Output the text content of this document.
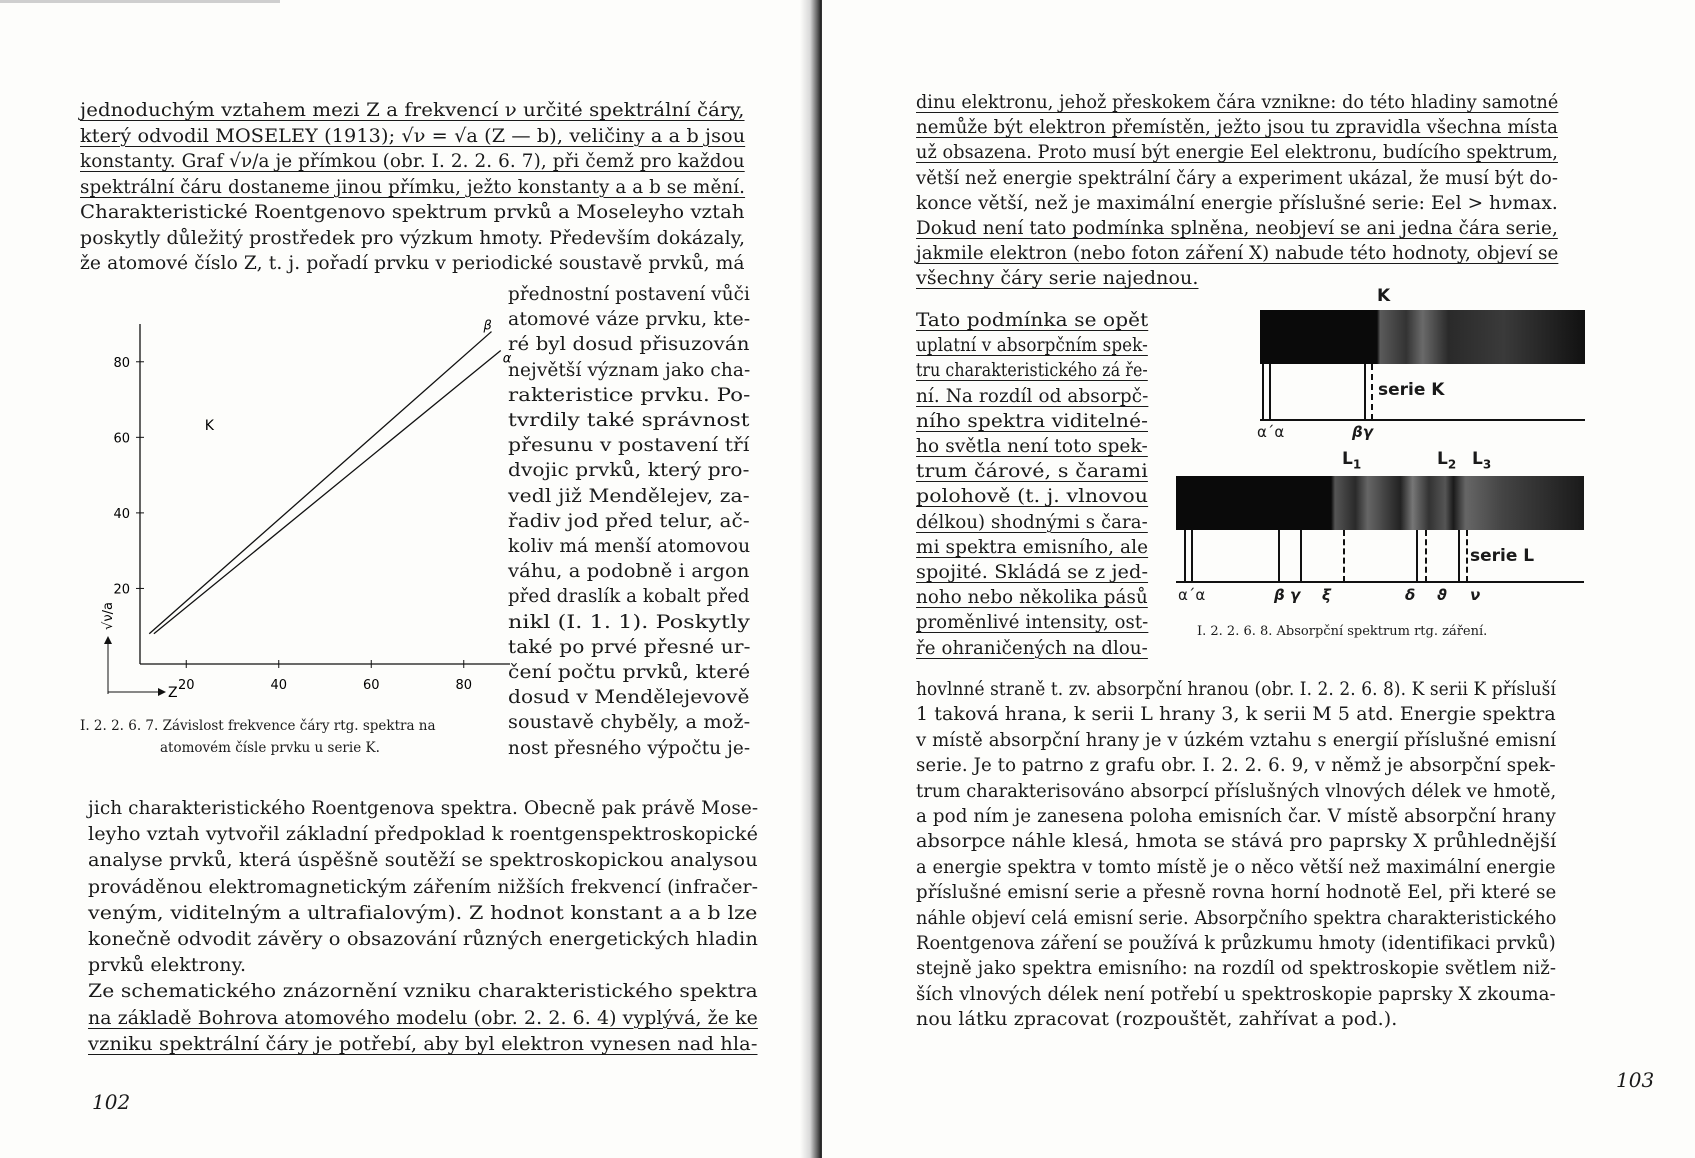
jednoduchým vztahem mezi Z a frekvencí ν určité spektrální čáry,
který odvodil MOSELEY (1913); √ν = √a (Z — b), veličiny a a b jsou
konstanty. Graf √ν/a je přímkou (obr. I. 2. 2. 6. 7), při čemž pro každou
spektrální čáru dostaneme jinou přímku, ježto konstanty a a b se mění.
Charakteristické Roentgenovo spektrum prvků a Moseleyho vztah
poskytly důležitý prostředek pro výzkum hmoty. Především dokázaly,
že atomové číslo Z, t. j. pořadí prvku v periodické soustavě prvků, má
přednostní postavení vůči
atomové váze prvku, kte-
ré byl dosud přisuzován
největší význam jako cha-
rakteristice prvku. Po-
tvrdily také správnost
přesunu v postavení tří
dvojic prvků, který pro-
vedl již Mendělejev, za-
řadiv jod před telur, ač-
koliv má menší atomovou
váhu, a podobně i argon
před draslík a kobalt před
nikl (I. 1. 1). Poskytly
také po prvé přesné ur-
čení počtu prvků, které
dosud v Mendělejevově
soustavě chyběly, a mož-
nost přesného výpočtu je-
jich charakteristického Roentgenova spektra. Obecně pak právě Mose-
leyho vztah vytvořil základní předpoklad k roentgenspektroskopické
analyse prvků, která úspěšně soutěží se spektroskopickou analysou
prováděnou elektromagnetickým zářením nižších frekvencí (infračer-
veným, viditelným a ultrafialovým). Z hodnot konstant a a b lze
konečně odvodit závěry o obsazování různých energetických hladin
prvků elektrony.
Ze schematického znázornění vzniku charakteristického spektra
na základě Bohrova atomového modelu (obr. 2. 2. 6. 4) vyplývá, že ke
vzniku spektrální čáry je potřebí, aby byl elektron vynesen nad hla-
20
40
60
80
20	40	60	80
Z
√ν/a
K
β
α
I. 2. 2. 6. 7. Závislost frekvence čáry rtg. spektra na
atomovém čísle prvku u serie K.
102
dinu elektronu, jehož přeskokem čára vznikne: do této hladiny samotné
nemůže být elektron přemístěn, ježto jsou tu zpravidla všechna místa
už obsazena. Proto musí být energie Eel elektronu, budícího spektrum,
větší než energie spektrální čáry a experiment ukázal, že musí být do-
konce větší, než je maximální energie příslušné serie: Eel > hνmax.
Dokud není tato podmínka splněna, neobjeví se ani jedna čára serie,
jakmile elektron (nebo foton záření X) nabude této hodnoty, objeví se
všechny čáry serie najednou.
Tato podmínka se opět
uplatní v absorpčním spek-
tru charakteristického zá ře-
ní. Na rozdíl od absorpč-
ního spektra viditelné-
ho světla není toto spek-
trum čárové, s čarami
polohově (t. j. vlnovou
délkou) shodnými s čara-
mi spektra emisního, ale
spojité. Skládá se z jed-
noho nebo několika pásů
proměnlivé intensity, ost-
ře ohraničených na dlou-
hovlnné straně t. zv. absorpční hranou (obr. I. 2. 2. 6. 8). K serii K přísluší
1 taková hrana, k serii L hrany 3, k serii M 5 atd. Energie spektra
v místě absorpční hrany je v úzkém vztahu s energií příslušné emisní
serie. Je to patrno z grafu obr. I. 2. 2. 6. 9, v němž je absorpční spek-
trum charakterisováno absorpcí příslušných vlnových délek ve hmotě,
a pod ním je zanesena poloha emisních čar. V místě absorpční hrany
absorpce náhle klesá, hmota se stává pro paprsky X průhlednější
a energie spektra v tomto místě je o něco větší než maximální energie
příslušné emisní serie a přesně rovna horní hodnotě Eel, při které se
náhle objeví celá emisní serie. Absorpčního spektra charakteristického
Roentgenova záření se používá k průzkumu hmoty (identifikaci prvků)
stejně jako spektra emisního: na rozdíl od spektroskopie světlem niž-
ších vlnových délek není potřebí u spektroskopie paprsky X zkouma-
nou látku zpracovat (rozpouštět, zahřívat a pod.).
K
serie K
α΄α	βγ
$L_1$	$L_2$ $L_3$
serie L
α΄α	β γ ξ	δ ϑ ν
I. 2. 2. 6. 8. Absorpční spektrum rtg. záření.
103
